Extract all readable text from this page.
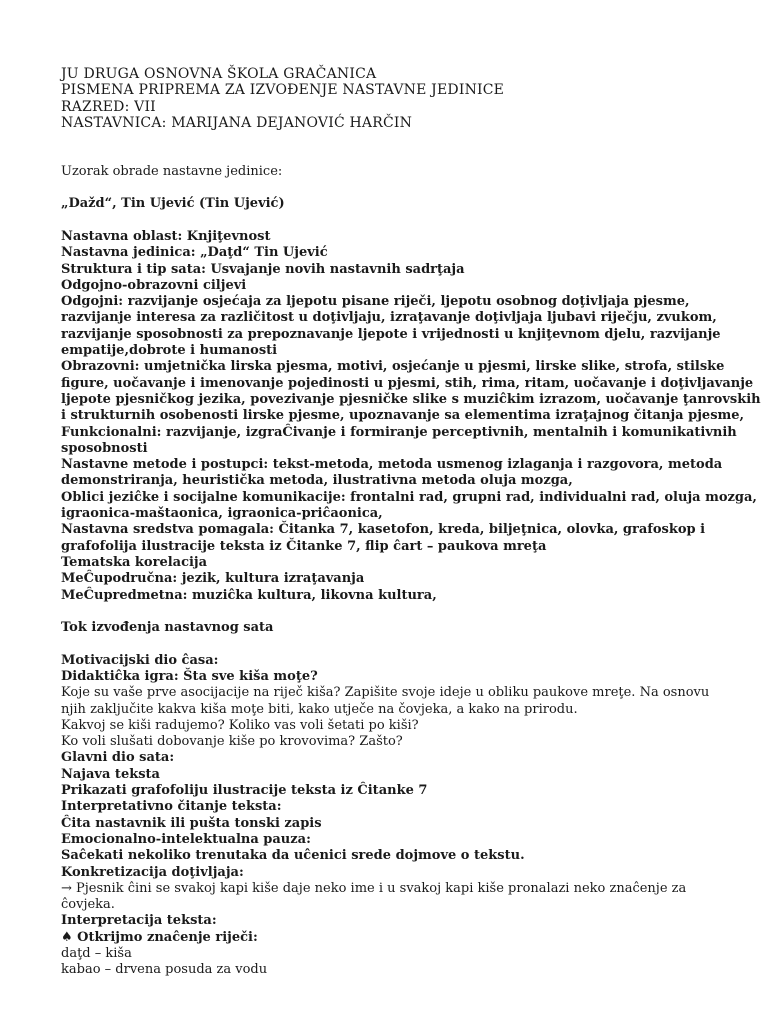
JU DRUGA OSNOVNA ŠKOLA GRAČANICA
PISMENA PRIPREMA ZA IZVOĐENJE NASTAVNE JEDINICE
RAZRED: VII
NASTAVNICA: MARIJANA DEJANOVIĆ HARČIN
Uzorak obrade nastavne jedinice:
„Dažd“, Tin Ujević (Tin Ujević)
Nastavna oblast: Knjiţevnost
Nastavna jedinica: „Daţd“ Tin Ujević
Struktura i tip sata: Usvajanje novih nastavnih sadrţaja
Odgojno-obrazovni ciljevi
Odgojni: razvijanje osjećaja za ljepotu pisane riječi, ljepotu osobnog doţivljaja pjesme,
razvijanje interesa za različitost u doţivljaju, izraţavanje doţivljaja ljubavi riječju, zvukom,
razvijanje sposobnosti za prepoznavanje ljepote i vrijednosti u knjiţevnom djelu, razvijanje
empatije,dobrote i humanosti
Obrazovni: umjetnička lirska pjesma, motivi, osjećanje u pjesmi, lirske slike, strofa, stilske
figure, uočavanje i imenovanje pojedinosti u pjesmi, stih, rima, ritam, uočavanje i doţivljavanje
ljepote pjesničkog jezika, povezivanje pjesničke slike s muziĉkim izrazom, uočavanje ţanrovskih
i strukturnih osobenosti lirske pjesme, upoznavanje sa elementima izraţajnog čitanja pjesme,
Funkcionalni: razvijanje, izgraĈivanje i formiranje perceptivnih, mentalnih i komunikativnih
sposobnosti
Nastavne metode i postupci: tekst-metoda, metoda usmenog izlaganja i razgovora, metoda
demonstriranja, heuristička metoda, ilustrativna metoda oluja mozga,
Oblici jeziĉke i socijalne komunikacije: frontalni rad, grupni rad, individualni rad, oluja mozga,
igraonica-maštaonica, igraonica-priĉaonica,
Nastavna sredstva pomagala: Čitanka 7, kasetofon, kreda, biljeţnica, olovka, grafoskop i
grafofolija ilustracije teksta iz Čitanke 7, flip ĉart – paukova mreţa
Tematska korelacija
MeĈupodručna: jezik, kultura izraţavanja
MeĈupredmetna: muziĉka kultura, likovna kultura,
Tok izvođenja nastavnog sata
Motivacijski dio ĉasa:
Didaktiĉka igra: Šta sve kiša moţe?
Koje su vaše prve asocijacije na riječ kiša? Zapišite svoje ideje u obliku paukove mreţe. Na osnovu
njih zaključite kakva kiša moţe biti, kako utječe na čovjeka, a kako na prirodu.
Kakvoj se kiši radujemo? Koliko vas voli šetati po kiši?
Ko voli slušati dobovanje kiše po krovovima? Zašto?
Glavni dio sata:
Najava teksta
Prikazati grafofoliju ilustracije teksta iz Ĉitanke 7
Interpretativno čitanje teksta:
Ĉita nastavnik ili pušta tonski zapis
Emocionalno-intelektualna pauza:
Saĉekati nekoliko trenutaka da uĉenici srede dojmove o tekstu.
Konkretizacija doţivljaja:
→ Pjesnik ĉini se svakoj kapi kiše daje neko ime i u svakoj kapi kiše pronalazi neko znaĉenje za
ĉovjeka.
Interpretacija teksta:
♠ Otkrijmo znaĉenje riječi:
daţd – kiša
kabao – drvena posuda za vodu
